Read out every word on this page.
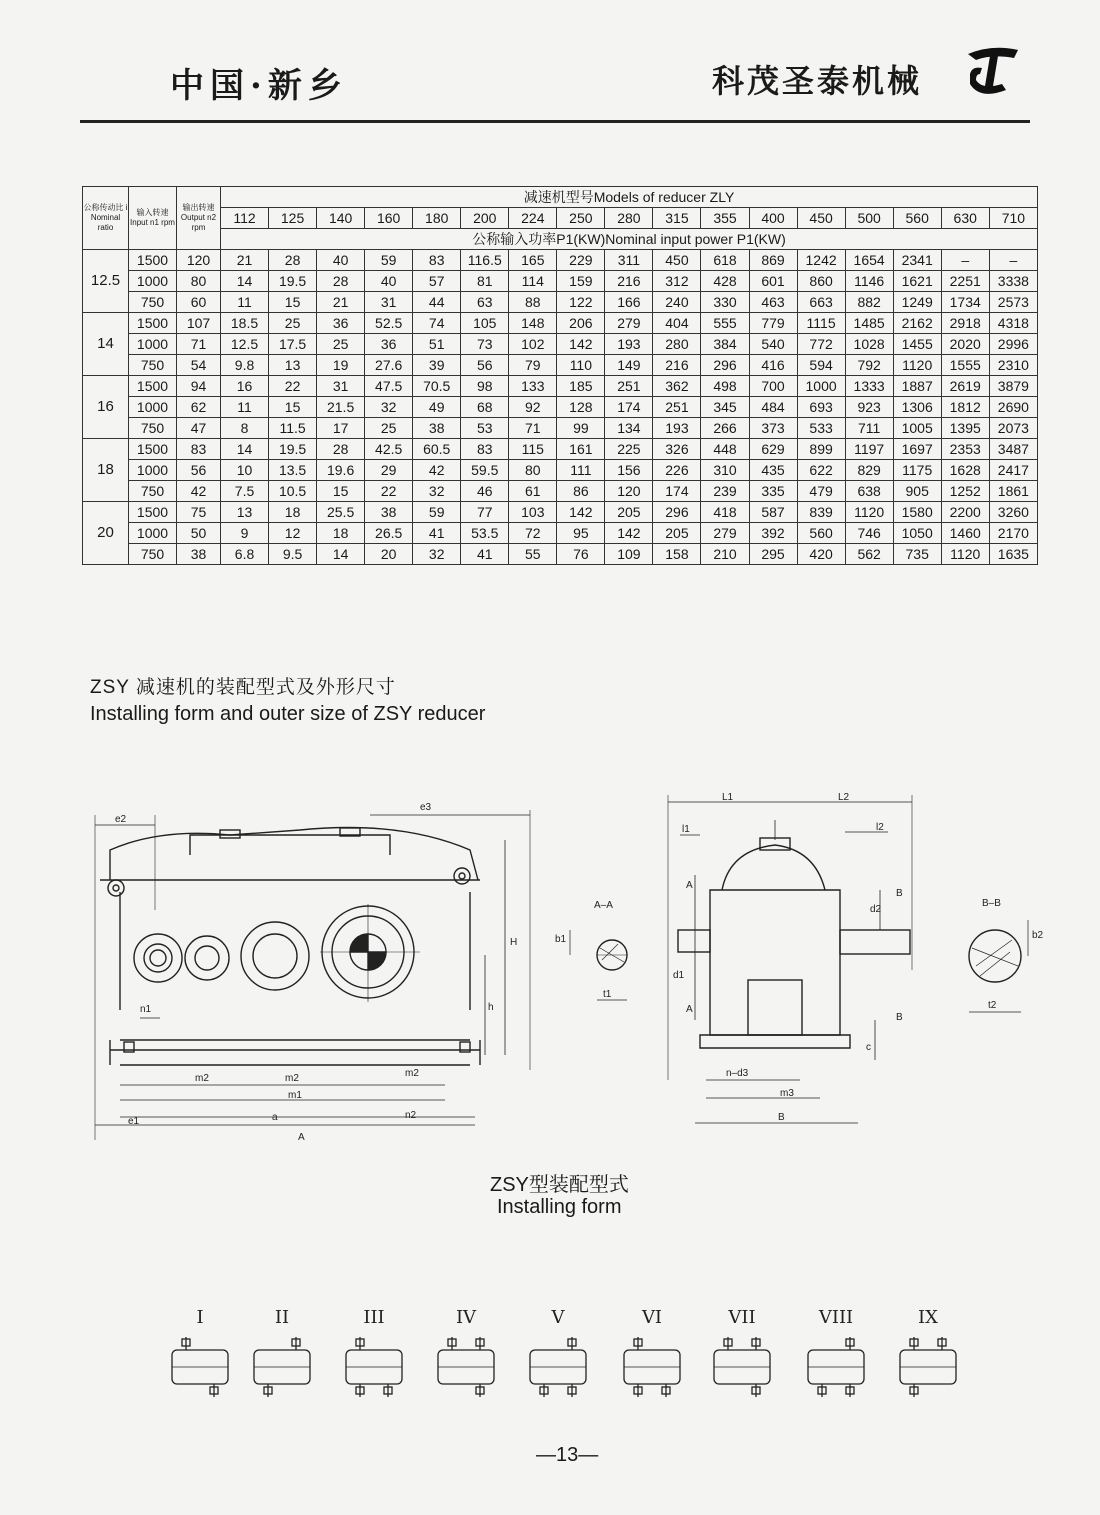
中国·新乡	科茂圣泰机械
公称传动比 i Nominal ratio	输入转速 Input n1 rpm	输出转速 Output n2 rpm	减速机型号Models of reducer ZLY																
			112	125	140	160	180	200	224	250	280	315	355	400	450	500	560	630	710
			公称输入功率P1(KW)Nominal input power P1(KW)																
12.5	1500	120	21	28	40	59	83	116.5	165	229	311	450	618	869	1242	1654	2341	–	–
	1000	80	14	19.5	28	40	57	81	114	159	216	312	428	601	860	1146	1621	2251	3338
	750	60	11	15	21	31	44	63	88	122	166	240	330	463	663	882	1249	1734	2573
14	1500	107	18.5	25	36	52.5	74	105	148	206	279	404	555	779	1115	1485	2162	2918	4318
	1000	71	12.5	17.5	25	36	51	73	102	142	193	280	384	540	772	1028	1455	2020	2996
	750	54	9.8	13	19	27.6	39	56	79	110	149	216	296	416	594	792	1120	1555	2310
16	1500	94	16	22	31	47.5	70.5	98	133	185	251	362	498	700	1000	1333	1887	2619	3879
	1000	62	11	15	21.5	32	49	68	92	128	174	251	345	484	693	923	1306	1812	2690
	750	47	8	11.5	17	25	38	53	71	99	134	193	266	373	533	711	1005	1395	2073
18	1500	83	14	19.5	28	42.5	60.5	83	115	161	225	326	448	629	899	1197	1697	2353	3487
	1000	56	10	13.5	19.6	29	42	59.5	80	111	156	226	310	435	622	829	1175	1628	2417
	750	42	7.5	10.5	15	22	32	46	61	86	120	174	239	335	479	638	905	1252	1861
20	1500	75	13	18	25.5	38	59	77	103	142	205	296	418	587	839	1120	1580	2200	3260
	1000	50	9	12	18	26.5	41	53.5	72	95	142	205	279	392	560	746	1050	1460	2170
	750	38	6.8	9.5	14	20	32	41	55	76	109	158	210	295	420	562	735	1120	1635
ZSY 减速机的装配型式及外形尺寸
Installing form and outer size of ZSY reducer
e2
e3
H
h
n1
m2	m2	m2
m1
e1	a	n2
A
A–A
b1
t1
L1	L2
l1	l2
A
A
d2
d1
B
B
c
n–d3
m3
B
B–B
b2
t2
ZSY型装配型式
Installing form
I	II	III	IV	V	VI	VII	VIII	IX
—13—
